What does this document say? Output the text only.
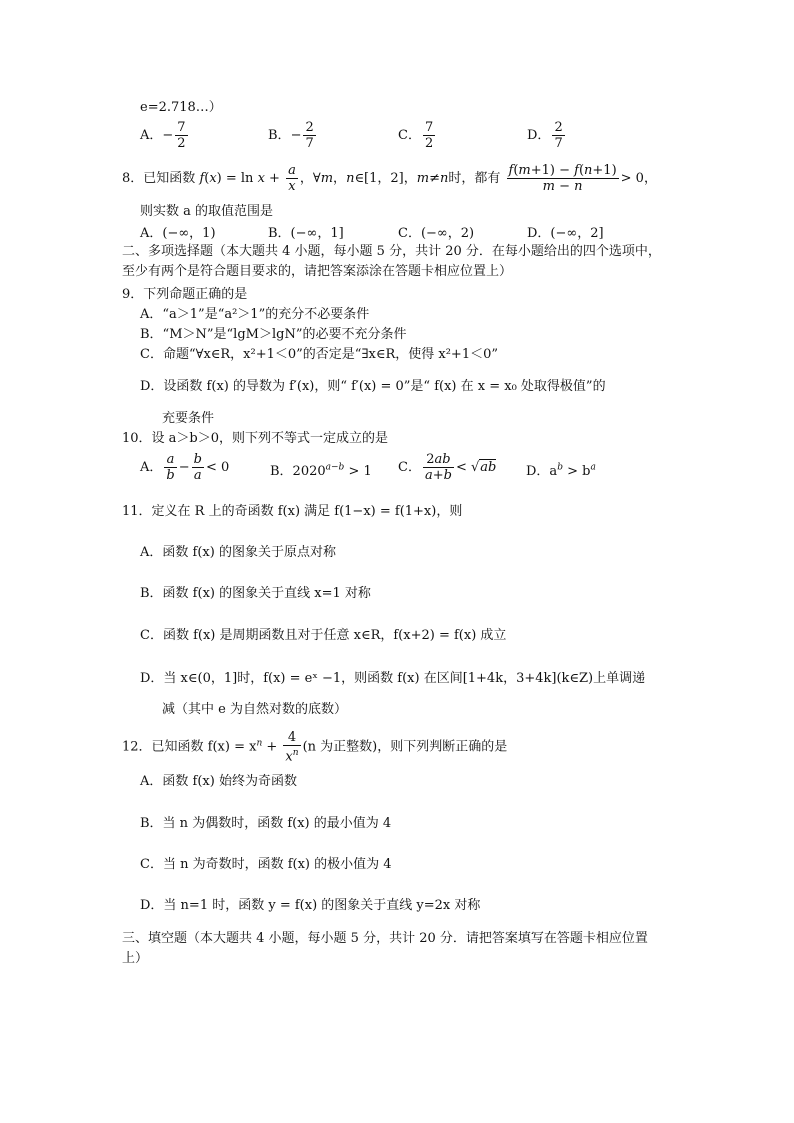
e=2.718…）
A．− $\frac{7}{2}$	B．− $\frac{2}{7}$	C． $\frac{7}{2}$	D． $\frac{2}{7}$
8．已知函数 $f(x) = \ln x + \frac{a}{x}$ ，∀m，n∈[1，2]，m≠n时，都有 $\frac{f(m+1) - f(n+1)}{m - n} > 0$，
则实数 a 的取值范围是
A．(−∞，1)	B．(−∞，1]	C．(−∞，2)	D．(−∞，2]
二、多项选择题（本大题共 4 小题，每小题 5 分，共计 20 分．在每小题给出的四个选项中，
至少有两个是符合题目要求的，请把答案添涂在答题卡相应位置上）
9．下列命题正确的是
A．“a＞1”是“a²＞1”的充分不必要条件
B．“M＞N”是“lgM＞lgN”的必要不充分条件
C．命题“∀x∈R，x²+1＜0”的否定是“∃x∈R，使得 x²+1＜0”
D．设函数 f(x) 的导数为 f′(x)，则“ f′(x) = 0”是“ f(x) 在 x = x₀ 处取得极值”的
充要条件
10．设 a＞b＞0，则下列不等式一定成立的是
A． $\frac{a}{b} - \frac{b}{a} < 0$	B．$2020^{a-b} > 1$ C． $\frac{2ab}{a+b} < √ab$ D．$a^b > b^a$
11．定义在 R 上的奇函数 f(x) 满足 f(1−x) = f(1+x)，则
A．函数 f(x) 的图象关于原点对称
B．函数 f(x) 的图象关于直线 x=1 对称
C．函数 f(x) 是周期函数且对于任意 x∈R，f(x+2) = f(x) 成立
D．当 x∈(0，1]时，f(x) = eˣ −1，则函数 f(x) 在区间[1+4k，3+4k](k∈Z)上单调递
减（其中 e 为自然对数的底数）
12．已知函数 $f(x) = x^n + \frac{4}{x^n} (n$ 为正整数)，则下列判断正确的是
A．函数 f(x) 始终为奇函数
B．当 n 为偶数时，函数 f(x) 的最小值为 4
C．当 n 为奇数时，函数 f(x) 的极小值为 4
D．当 n=1 时，函数 y = f(x) 的图象关于直线 y=2x 对称
三、填空题（本大题共 4 小题，每小题 5 分，共计 20 分．请把答案填写在答题卡相应位置
上）
